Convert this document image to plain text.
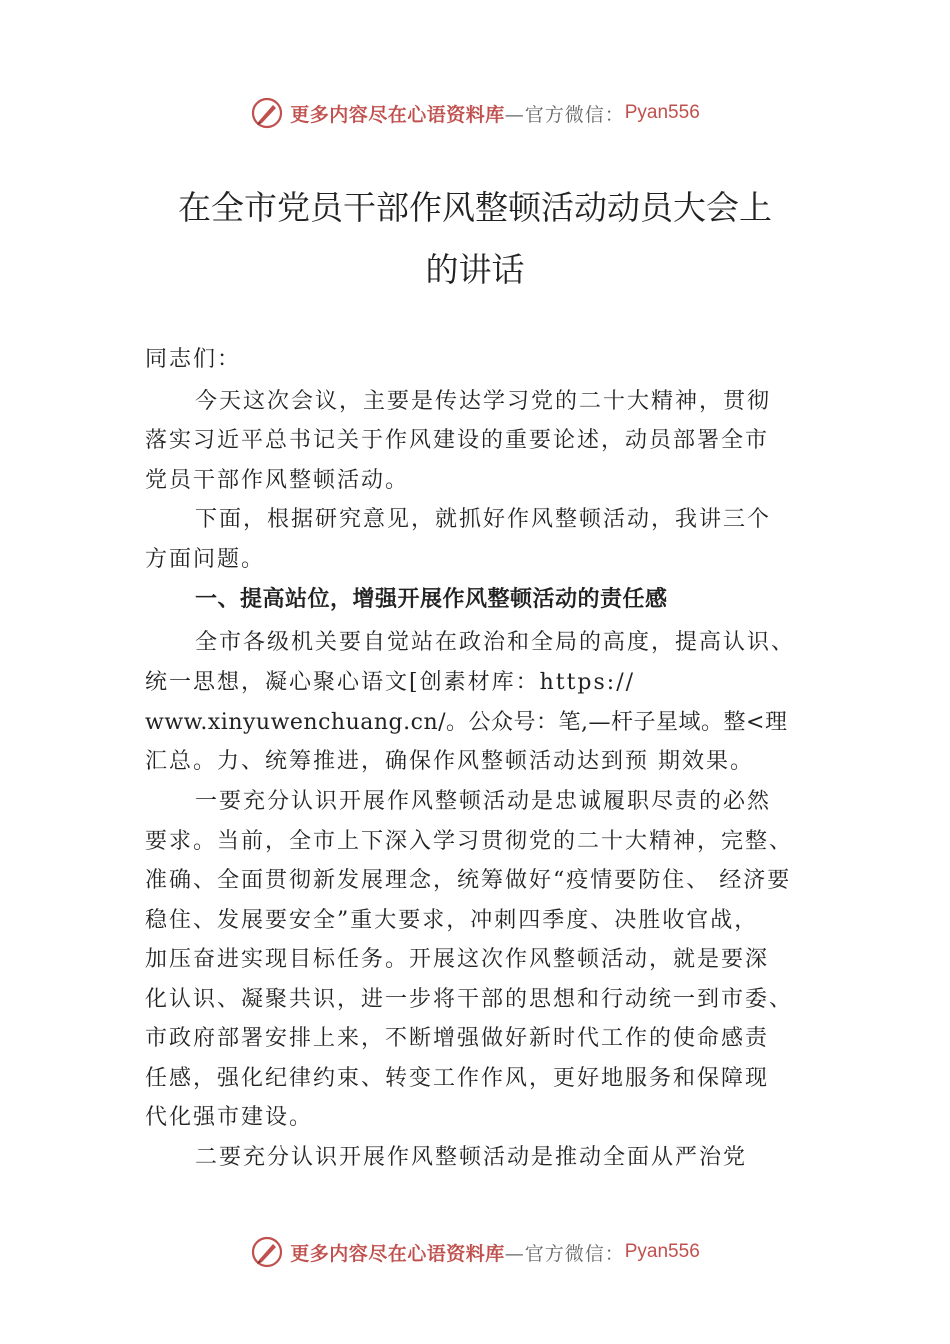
更多内容尽在心语资料库 —官方微信： Pyan556
在全市党员干部作风整顿活动动员大会上
的讲话
同志们：
今天这次会议，主要是传达学习党的二十大精神，贯彻
落实习近平总书记关于作风建设的重要论述，动员部署全市
党员干部作风整顿活动。
下面，根据研究意见，就抓好作风整顿活动，我讲三个
方面问题。
一、提高站位，增强开展作风整顿活动的责任感
全市各级机关要自觉站在政治和全局的高度，提高认识、
统一思想，凝心聚心语文[创素材库：https://
www.xinyuwenchuang.cn/。公众号：笔,—杆子星域。整<理
汇总。力、统筹推进，确保作风整顿活动达到预 期效果。
一要充分认识开展作风整顿活动是忠诚履职尽责的必然
要求。当前，全市上下深入学习贯彻党的二十大精神，完整、
准确、全面贯彻新发展理念，统筹做好“疫情要防住、 经济要
稳住、发展要安全”重大要求，冲刺四季度、决胜收官战，
加压奋进实现目标任务。开展这次作风整顿活动，就是要深
化认识、凝聚共识，进一步将干部的思想和行动统一到市委、
市政府部署安排上来，不断增强做好新时代工作的使命感责
任感，强化纪律约束、转变工作作风，更好地服务和保障现
代化强市建设。
二要充分认识开展作风整顿活动是推动全面从严治党
更多内容尽在心语资料库 —官方微信： Pyan556
